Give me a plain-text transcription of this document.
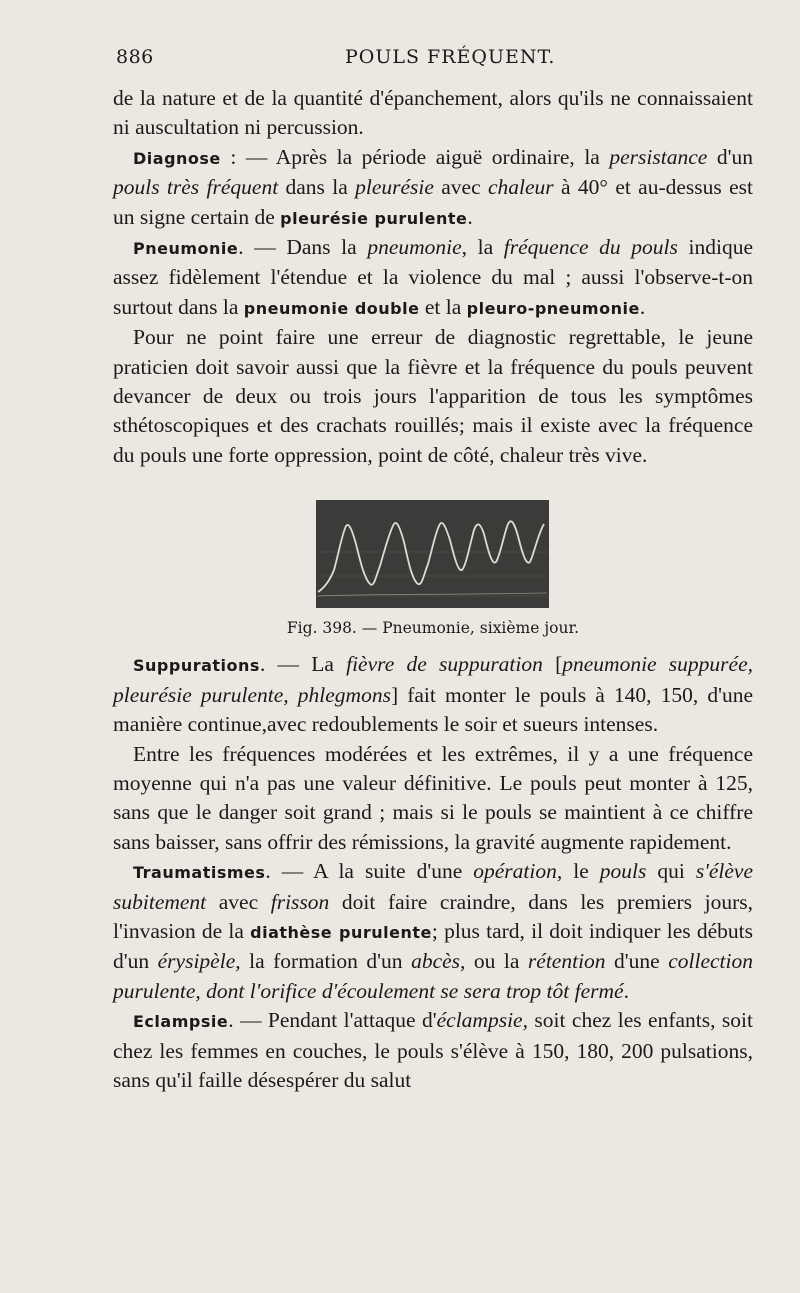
886	POULS FRÉQUENT.

de la nature et de la quantité d'épanchement, alors qu'ils ne connaissaient ni auscultation ni percussion.

Diagnose : — Après la période aiguë ordinaire, la persistance d'un pouls très fréquent dans la pleurésie avec chaleur à 40° et au-dessus est un signe certain de pleurésie purulente.

Pneumonie. — Dans la pneumonie, la fréquence du pouls indique assez fidèlement l'étendue et la violence du mal ; aussi l'observe-t-on surtout dans la pneumonie double et la pleuro-pneumonie.

Pour ne point faire une erreur de diagnostic regrettable, le jeune praticien doit savoir aussi que la fièvre et la fréquence du pouls peuvent devancer de deux ou trois jours l'apparition de tous les symptômes sthétoscopiques et des crachats rouillés; mais il existe avec la fréquence du pouls une forte oppression, point de côté, chaleur très vive.

Fig. 398. — Pneumonie, sixième jour.

Suppurations. — La fièvre de suppuration [pneumonie suppurée, pleurésie purulente, phlegmons] fait monter le pouls à 140, 150, d'une manière continue,avec redoublements le soir et sueurs intenses.

Entre les fréquences modérées et les extrêmes, il y a une fréquence moyenne qui n'a pas une valeur définitive. Le pouls peut monter à 125, sans que le danger soit grand ; mais si le pouls se maintient à ce chiffre sans baisser, sans offrir des rémissions, la gravité augmente rapidement.

Traumatismes. — A la suite d'une opération, le pouls qui s'élève subitement avec frisson doit faire craindre, dans les premiers jours, l'invasion de la diathèse purulente; plus tard, il doit indiquer les débuts d'un érysipèle, la formation d'un abcès, ou la rétention d'une collection purulente, dont l'orifice d'écoulement se sera trop tôt fermé.

Eclampsie. — Pendant l'attaque d'éclampsie, soit chez les enfants, soit chez les femmes en couches, le pouls s'élève à 150, 180, 200 pulsations, sans qu'il faille désespérer du salut
